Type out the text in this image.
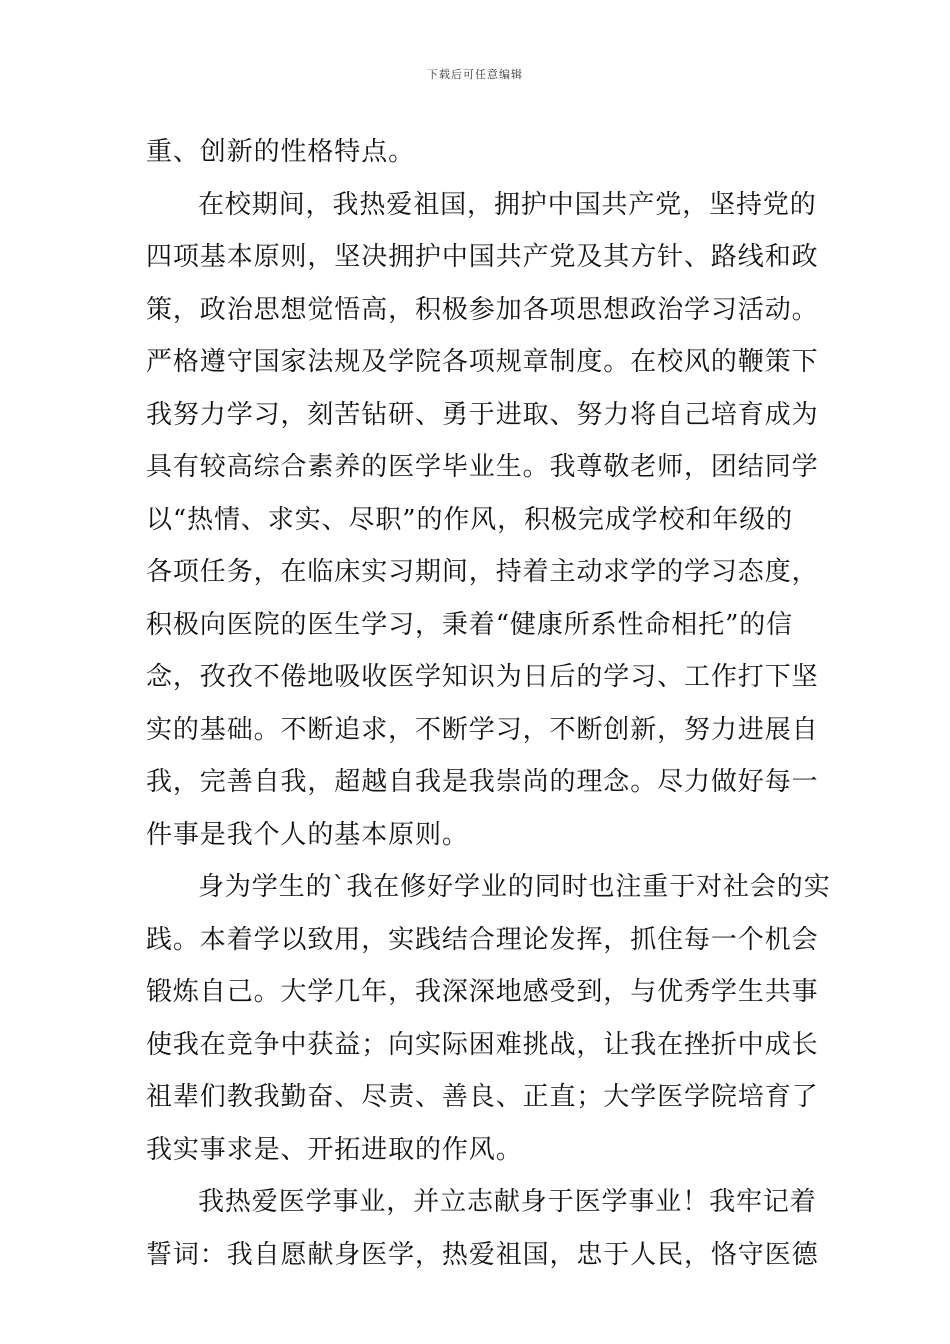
下载后可任意编辑
重、创新的性格特点。
在校期间，我热爱祖国，拥护中国共产党，坚持党的
四项基本原则，坚决拥护中国共产党及其方针、路线和政
策，政治思想觉悟高，积极参加各项思想政治学习活动。
严格遵守国家法规及学院各项规章制度。在校风的鞭策下
我努力学习，刻苦钻研、勇于进取、努力将自己培育成为
具有较高综合素养的医学毕业生。我尊敬老师，团结同学
以“热情、求实、尽职”的作风，积极完成学校和年级的
各项任务，在临床实习期间，持着主动求学的学习态度，
积极向医院的医生学习，秉着“健康所系性命相托”的信
念，孜孜不倦地吸收医学知识为日后的学习、工作打下坚
实的基础。不断追求，不断学习，不断创新，努力进展自
我，完善自我，超越自我是我崇尚的理念。尽力做好每一
件事是我个人的基本原则。
身为学生的`我在修好学业的同时也注重于对社会的实
践。本着学以致用，实践结合理论发挥，抓住每一个机会
锻炼自己。大学几年，我深深地感受到，与优秀学生共事
使我在竞争中获益；向实际困难挑战，让我在挫折中成长
祖辈们教我勤奋、尽责、善良、正直；大学医学院培育了
我实事求是、开拓进取的作风。
我热爱医学事业，并立志献身于医学事业！我牢记着
誓词：我自愿献身医学，热爱祖国，忠于人民，恪守医德
